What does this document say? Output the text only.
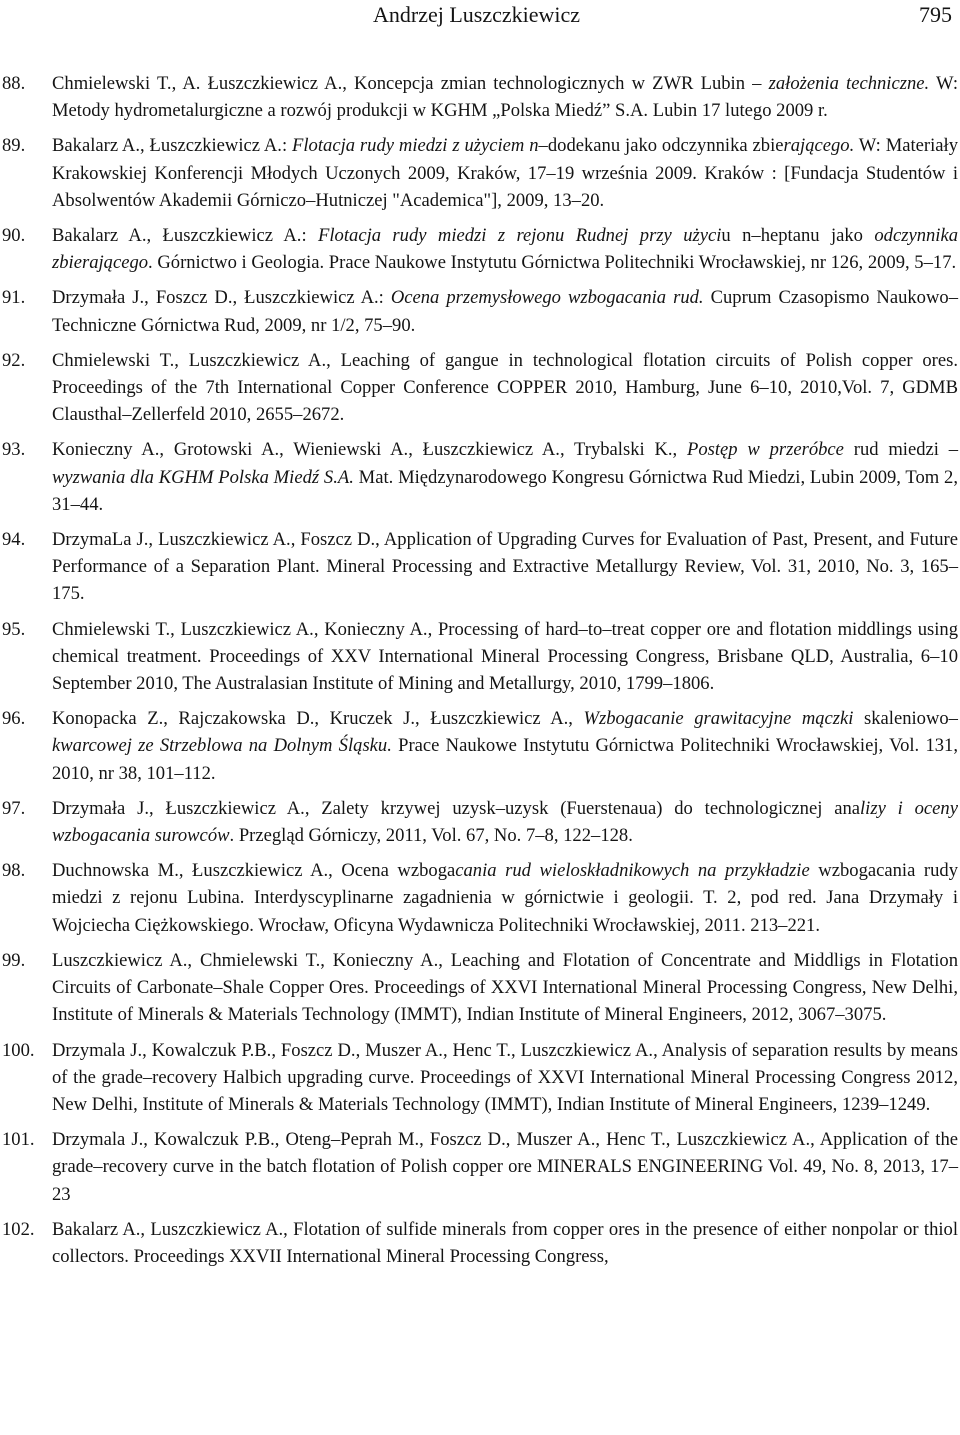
Andrzej Luszczkiewicz	795
88.	Chmielewski T., A. Łuszczkiewicz A., Koncepcja zmian technologicznych w ZWR Lubin – założenia techniczne. W: Metody hydrometalurgiczne a rozwój produkcji w KGHM „Polska Miedź” S.A. Lubin 17 lutego 2009 r.
89.	Bakalarz A., Łuszczkiewicz A.: Flotacja rudy miedzi z użyciem n–dodekanu jako odczynnika zbierającego. W: Materiały Krakowskiej Konferencji Młodych Uczonych 2009, Kraków, 17–19 września 2009. Kraków : [Fundacja Studentów i Absolwentów Akademii Górniczo–Hutniczej "Academica"], 2009, 13–20.
90.	Bakalarz A., Łuszczkiewicz A.: Flotacja rudy miedzi z rejonu Rudnej przy użyciu n–heptanu jako odczynnika zbierającego. Górnictwo i Geologia. Prace Naukowe Instytutu Górnictwa Politechniki Wrocławskiej, nr 126, 2009, 5–17.
91.	Drzymała J., Foszcz D., Łuszczkiewicz A.: Ocena przemysłowego wzbogacania rud. Cuprum Czasopismo Naukowo–Techniczne Górnictwa Rud, 2009, nr 1/2, 75–90.
92.	Chmielewski T., Luszczkiewicz A., Leaching of gangue in technological flotation circuits of Polish copper ores. Proceedings of the 7th International Copper Conference COPPER 2010, Hamburg, June 6–10, 2010,Vol. 7, GDMB Clausthal–Zellerfeld 2010, 2655–2672.
93.	Konieczny A., Grotowski A., Wieniewski A., Łuszczkiewicz A., Trybalski K., Postęp w przeróbce rud miedzi – wyzwania dla KGHM Polska Miedź S.A. Mat. Międzynarodowego Kongresu Górnictwa Rud Miedzi, Lubin 2009, Tom 2, 31–44.
94.	DrzymaLa J., Luszczkiewicz A., Foszcz D., Application of Upgrading Curves for Evaluation of Past, Present, and Future Performance of a Separation Plant. Mineral Processing and Extractive Metallurgy Review, Vol. 31, 2010, No. 3, 165–175.
95.	Chmielewski T., Luszczkiewicz A., Konieczny A., Processing of hard–to–treat copper ore and flotation middlings using chemical treatment. Proceedings of XXV International Mineral Processing Congress, Brisbane QLD, Australia, 6–10 September 2010, The Australasian Institute of Mining and Metallurgy, 2010, 1799–1806.
96.	Konopacka Z., Rajczakowska D., Kruczek J., Łuszczkiewicz A., Wzbogacanie grawitacyjne mączki skaleniowo–kwarcowej ze Strzeblowa na Dolnym Śląsku. Prace Naukowe Instytutu Górnictwa Politechniki Wrocławskiej, Vol. 131, 2010, nr 38, 101–112.
97.	Drzymała J., Łuszczkiewicz A., Zalety krzywej uzysk–uzysk (Fuerstenaua) do technologicznej analizy i oceny wzbogacania surowców. Przegląd Górniczy, 2011, Vol. 67, No. 7–8, 122–128.
98.	Duchnowska M., Łuszczkiewicz A., Ocena wzbogacania rud wieloskładnikowych na przykładzie wzbogacania rudy miedzi z rejonu Lubina. Interdyscyplinarne zagadnienia w górnictwie i geologii. T. 2, pod red. Jana Drzymały i Wojciecha Ciężkowskiego. Wrocław, Oficyna Wydawnicza Politechniki Wrocławskiej, 2011. 213–221.
99.	Luszczkiewicz A., Chmielewski T., Konieczny A., Leaching and Flotation of Concentrate and Middligs in Flotation Circuits of Carbonate–Shale Copper Ores. Proceedings of XXVI International Mineral Processing Congress, New Delhi, Institute of Minerals & Materials Technology (IMMT), Indian Institute of Mineral Engineers, 2012, 3067–3075.
100. Drzymala J., Kowalczuk P.B., Foszcz D., Muszer A., Henc T., Luszczkiewicz A., Analysis of separation results by means of the grade–recovery Halbich upgrading curve. Proceedings of XXVI International Mineral Processing Congress 2012, New Delhi, Institute of Minerals & Materials Technology (IMMT), Indian Institute of Mineral Engineers, 1239–1249.
101. Drzymala J., Kowalczuk P.B., Oteng–Peprah M., Foszcz D., Muszer A., Henc T., Luszczkiewicz A., Application of the grade–recovery curve in the batch flotation of Polish copper ore MINERALS ENGINEERING Vol. 49, No. 8, 2013, 17–23
102. Bakalarz A., Luszczkiewicz A., Flotation of sulfide minerals from copper ores in the presence of either nonpolar or thiol collectors. Proceedings XXVII International Mineral Processing Congress,
